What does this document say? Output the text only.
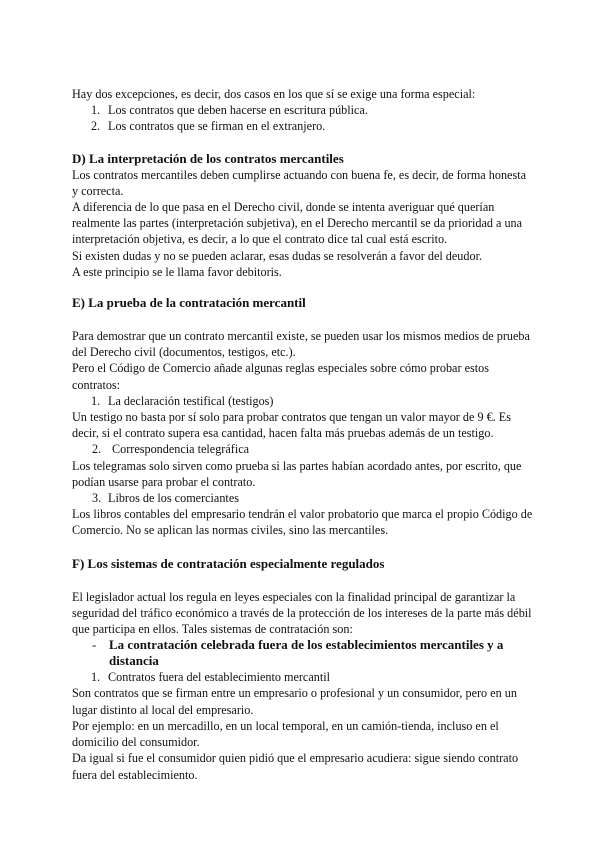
Hay dos excepciones, es decir, dos casos en los que sí se exige una forma especial:

1. Los contratos que deben hacerse en escritura pública.
2. Los contratos que se firman en el extranjero.
D) La interpretación de los contratos mercantiles

Los contratos mercantiles deben cumplirse actuando con buena fe, es decir, de forma honesta y correcta.

A diferencia de lo que pasa en el Derecho civil, donde se intenta averiguar qué querían realmente las partes (interpretación subjetiva), en el Derecho mercantil se da prioridad a una interpretación objetiva, es decir, a lo que el contrato dice tal cual está escrito.

Si existen dudas y no se pueden aclarar, esas dudas se resolverán a favor del deudor.

A este principio se le llama favor debitoris.

E) La prueba de la contratación mercantil

Para demostrar que un contrato mercantil existe, se pueden usar los mismos medios de prueba del Derecho civil (documentos, testigos, etc.).

Pero el Código de Comercio añade algunas reglas especiales sobre cómo probar estos contratos:

1. La declaración testifical (testigos)

Un testigo no basta por sí solo para probar contratos que tengan un valor mayor de 9 €. Es decir, si el contrato supera esa cantidad, hacen falta más pruebas además de un testigo.

2. Correspondencia telegráfica

Los telegramas solo sirven como prueba si las partes habían acordado antes, por escrito, que podían usarse para probar el contrato.

3. Libros de los comerciantes

Los libros contables del empresario tendrán el valor probatorio que marca el propio Código de Comercio. No se aplican las normas civiles, sino las mercantiles.

F) Los sistemas de contratación especialmente regulados

El legislador actual los regula en leyes especiales con la finalidad principal de garantizar la seguridad del tráfico económico a través de la protección de los intereses de la parte más débil que participa en ellos. Tales sistemas de contratación son:

- La contratación celebrada fuera de los establecimientos mercantiles y a distancia
1. Contratos fuera del establecimiento mercantil

Son contratos que se firman entre un empresario o profesional y un consumidor, pero en un lugar distinto al local del empresario.

Por ejemplo: en un mercadillo, en un local temporal, en un camión-tienda, incluso en el domicilio del consumidor.

Da igual si fue el consumidor quien pidió que el empresario acudiera: sigue siendo contrato fuera del establecimiento.
